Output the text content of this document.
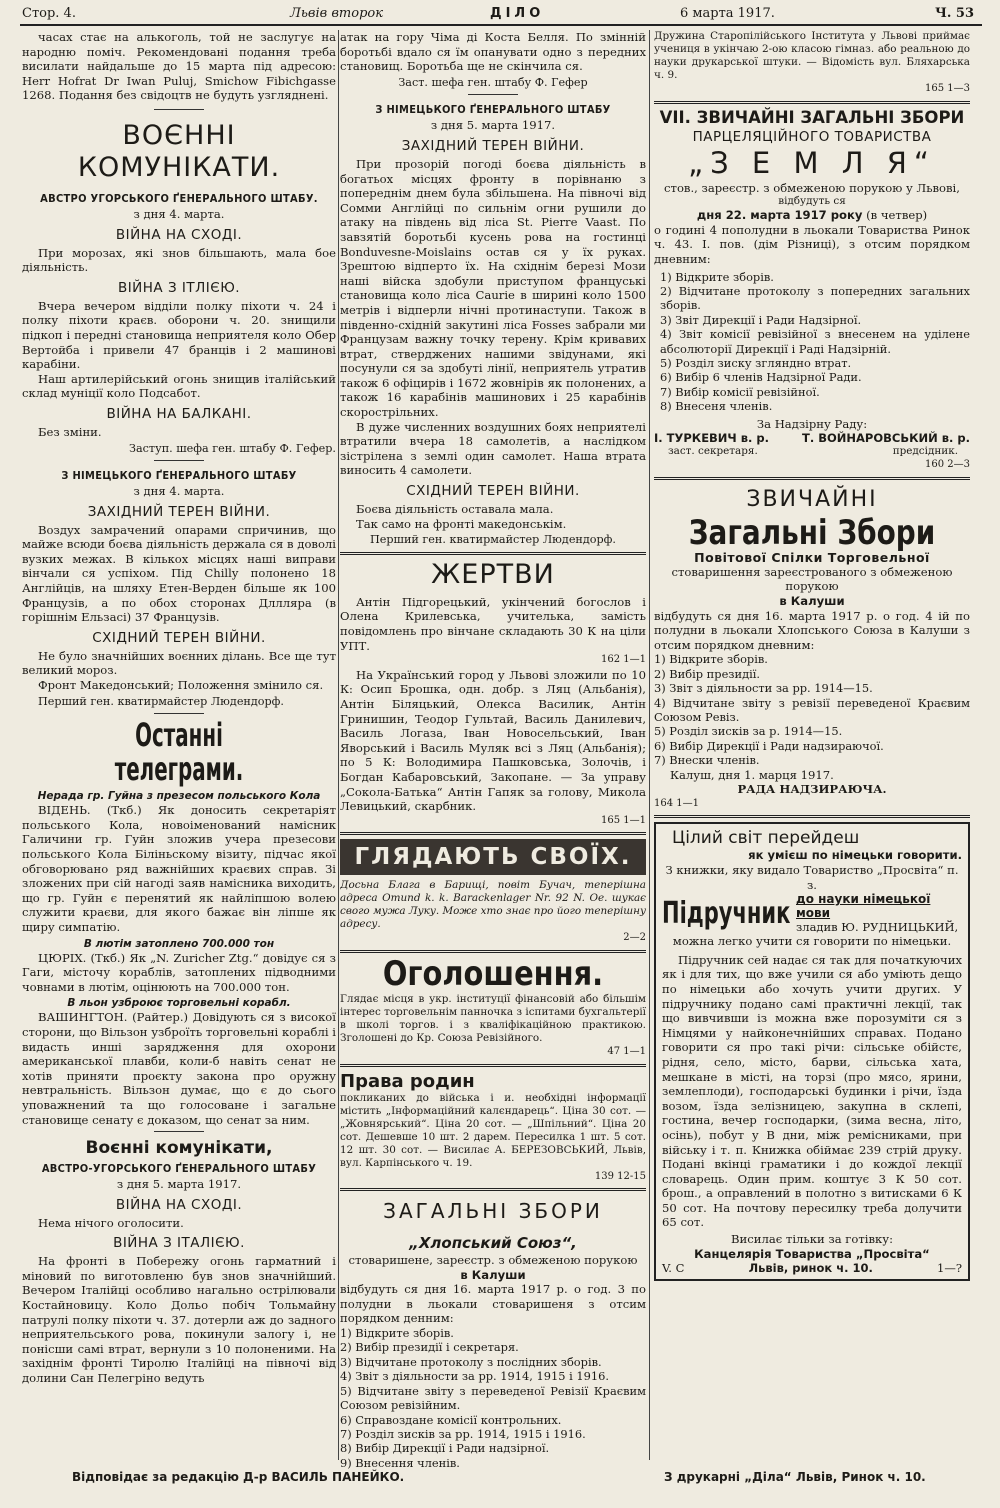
Стор. 4.	Львів второк	ДІЛО	6 марта 1917.	Ч. 53

часах стає на алькоголь, той не заслугує на народню поміч. Рекомендовані подання треба висилати найдальше до 15 марта під адресою: Herr Hofrat Dr Iwan Puluj, Smichow Fibichgasse 1268. Подання без свідоцтв не будуть узгляднені.

ВОЄННІ КОМУНІКАТИ.
АВСТРО УГОРСЬКОГО ҐЕНЕРАЛЬНОГО ШТАБУ.

з дня 4. марта.

ВІЙНА НА СХОДІ.

При морозах, які знов більшають, мала бое діяльність.

ВІЙНА З ІТЛІЄЮ.

Вчера вечером відділи полку піхоти ч. 24 і полку піхоти краєв. оборони ч. 20. знищили підкоп і передні становища неприятеля коло Обер Вертойба і привели 47 бранців і 2 машинові карабіни.

Наш артилерійський огонь знищив італійський склад муніції коло Подсабот.

ВІЙНА НА БАЛКАНІ.

Без зміни.

Заступ. шефа ген. штабу Ф. Гефер.

З НІМЕЦЬКОГО ҐЕНЕРАЛЬНОГО ШТАБУ

з дня 4. марта.

ЗАХІДНИЙ ТЕРЕН ВІЙНИ.

Воздух замрачений опарами спричинив, що майже всюди боєва діяльність держала ся в доволі вузких межах. В кількох місцях наші виправи вінчали ся успіхом. Під Chilly полонено 18 Англійців, на шляху Етен-Верден більше як 100 Французів, а по обох сторонах Дллляра (в горішнім Ельзасі) 37 Французів.

СХІДНИЙ ТЕРЕН ВІЙНИ.

Не було значнійших воєнних ділань. Все ще тут великий мороз.

Фронт Македонський; Положення змінило ся.

Перший ген. кватирмайстер Людендорф.

Останні телеграми.
Нерада гр. Гуйна з презесом польського Кола

ВІДЕНЬ. (Ткб.) Як доносить секретаріят польського Кола, новоіменований намісник Галичини гр. Гуйн зложив учера презесови польського Кола Біліньскому візиту, підчас якої обговорювано ряд важнійших краєвих справ. Зі зложених при сій нагоді заяв намісника виходить, що гр. Гуйн є перенятий як найліпшою волею служити краєви, для якого бажає він ліпше як щиру симпатію.

В лютім затоплено 700.000 тон

ЦЮРІХ. (Ткб.) Як „N. Zuricher Ztg.“ довідує ся з Гаги, місточу кораблів, затоплених підводними човнами в лютім, оцінюють на 700.000 тон.

В льон узброює торговельні корабл.

ВАШИНГТОН. (Райтер.) Довідують ся з високої сторони, що Вільзон узброїть торговельні кораблі і видасть инші зарядження для охорони американської плавби, коли-б навіть сенат не хотів приняти проєкту закона про оружну невтральність. Вільзон думає, що є до сього уповажнений та що голосоване і загальне становище сенату є доказом, що сенат за ним.

Воєнні комунікати,
АВСТРО-УГОРСЬКОГО ҐЕНЕРАЛЬНОГО ШТАБУ

з дня 5. марта 1917.

ВІЙНА НА СХОДІ.

Нема нічого оголосити.

ВІЙНА З ІТАЛІЄЮ.

На фронті в Побережу огонь гарматний і міновий по виготовленю був знов значнійший. Вечером Італійці особливо нагально острілювали Костайновицу. Коло Дольо побіч Тольмайну патрулі полку піхоти ч. 37. дотерли аж до задного неприятельського рова, покинули залогу і, не понісши самі втрат, вернули з 10 полоненими. На західнім фронті Тиролю Італійці на півночі від долини Сан Пелегріно ведуть

атак на гору Чіма ді Коста Белля. По змінній боротьбі вдало ся їм опанувати одно з передних становищ. Боротьба ще не скінчила ся.

Заст. шефа ген. штабу Ф. Гефер

З НІМЕЦЬКОГО ҐЕНЕРАЛЬНОГО ШТАБУ

з дня 5. марта 1917.

ЗАХІДНИЙ ТЕРЕН ВІЙНИ.

При прозорій погоді боєва діяльність в богатьох місцях фронту в порівнаню з попереднім днем була збільшена. На півночі від Сомми Англійці по сильнім огни рушили до атаку на південь від ліса St. Pierre Vaast. По завзятій боротьбі кусень рова на гостинці Bonduvesne-Moislains остав ся у їх руках. Зрештою відперто їх. На східнім березі Мози наші війска здобули приступом француські становища коло ліса Caurie в ширині коло 1500 метрів і відперли нічні протинаступи. Також в південно-східній закутині ліса Fosses забрали ми Французам важну точку терену. Крім кривавих втрат, стверджених нашими звідунами, які посунули ся за здобуті лінії, неприятель утратив також 6 офіцирів і 1672 жовнірів як полонених, а також 16 карабінів машинових і 25 карабінів скорострільних.

В дуже численних воздушних боях неприятелі втратили вчера 18 самолетів, а наслідком зістрілена з землі один самолет. Наша втрата виносить 4 самолети.

СХІДНИЙ ТЕРЕН ВІЙНИ.

Боєва діяльність оставала мала.

Так само на фронті македонськім.

Перший ген. кватирмайстер Людендорф.

ЖЕРТВИ

Антін Підгорецький, укінчений богослов і Олена Крилевська, учителька, замість повідомлень про вінчане складають 30 К на ціли УПТ.

162 1—1

На Український город у Львові зложили по 10 К: Осип Брошка, одн. добр. з Ляц (Альбанія), Антін Біляцький, Олекса Василик, Антін Гринишин, Теодор Гультай, Василь Данилевич, Василь Логаза, Іван Новосельський, Іван Яворський і Василь Муляк всі з Ляц (Альбанія); по 5 К: Володимира Пашковська, Золочів, і Богдан Кабаровський, Закопане. — За управу „Сокола-Батька“ Антін Гапяк за голову, Микола Левицький, скарбник.

165 1—1

ГЛЯДАЮТЬ СВОЇХ.

Досьна Блага в Барищі, повіт Бучач, теперішна адреса Omund k. k. Barackenlager Nr. 92 N. Oe. шукає свого мужа Луку. Може хто знає про його теперішну адресу.

2—2

Оголошення.

Глядає місця в укр. інституції фінансовій або більшім інтерес торговельнім панночка з іспитами бухгальтерії в школі торгов. і з кваліфікаційною практикою. Зголошені до Кр. Союза Ревізійного.

47 1—1

Права родин

покликаних до війська і и. необхідні інформації містить „Інформаційний калєндарець“. Ціна 30 сот. — „Жовнярський“. Ціна 20 сот. — „Шпільний“. Ціна 20 сот. Дешевше 10 шт. 2 дарем. Пересилка 1 шт. 5 сот. 12 шт. 30 сот. — Висилає А. БЕРЕЗОВСЬКИЙ, Львів, вул. Карпінського ч. 19.

139 12-15

ЗАГАЛЬНІ ЗБОРИ
„Хлопський Союз“,

стоваришене, зареєстр. з обмеженою порукою

в Калуши

відбудуть ся дня 16. марта 1917 р. о год. 3 по полудни в льокали стоваришеня з отсим порядком денним:

1) Відкрите зборів.

2) Вибір президії і секретаря.

3) Відчитане протоколу з послідних зборів.

4) Звіт з діяльности за рр. 1914, 1915 і 1916.

5) Відчитане звіту з переведеної Ревізії Краєвим Союзом ревізійним.

6) Справоздане комісії контрольних.

7) Розділ зисків за рр. 1914, 1915 і 1916.

8) Вибір Дирекції і Ради надзірної.

9) Внесення членів.

Дружина Старопілійського Інститута у Львові приймає учениця в укінчаю 2-ою класою гімназ. або реальною до науки друкарської штуки. — Відомість вул. Бляхарська ч. 9.

165 1—3

VII. ЗВИЧАЙНІ ЗАГАЛЬНІ ЗБОРИ
ПАРЦЕЛЯЦІЙНОГО ТОВАРИСТВА
„З Е М Л Я“

стов., зареєстр. з обмеженою порукою у Львові,

відбудуть ся

дня 22. марта 1917 року (в четвер)

о годині 4 пополудни в льокали Товариства Ринок ч. 43. І. пов. (дім Різниці), з отсим порядком дневним:

1) Відкрите зборів.

2) Відчитане протоколу з попередних загальних зборів.

3) Звіт Дирекції і Ради Надзірної.

4) Звіт комісії ревізійної з внесенем на уділене абсолюторії Дирекції і Раді Надзірній.

5) Розділ зиску згляндно втрат.

6) Вибір 6 членів Надзірної Ради.

7) Вибір комісії ревізійної.

8) Внесеня членів.

За Надзірну Раду:

І. ТУРКЕВИЧ в. р.	Т. ВОЙНАРОВСЬКИЙ в. р.
заст. секретаря.	предсідник.

160 2—3

ЗВИЧАЙНІ
Загальні Збори
Повітової Спілки Торговельної

стоваришення зареєстрованого з обмеженою порукою

в Калуши

відбудуть ся дня 16. марта 1917 р. о год. 4 ій по полудни в льокали Хлопського Союза в Калуши з отсим порядком дневним:

1) Відкрите зборів.

2) Вибір президії.

3) Звіт з діяльности за рр. 1914—15.

4) Відчитане звіту з ревізії переведеної Краєвим Союзом Ревіз.

5) Розділ зисків за р. 1914—15.

6) Вибір Дирекції і Ради надзираючої.

7) Внески членів.

Калуш, дня 1. марця 1917.

РАДА НАДЗИРАЮЧА.

164 1—1

Цілий світ перейдеш

як умієш по німецьки говорити.

З книжки, яку видало Товариство „Просвіта“ п. з.

Підручник до науки німецької мови
зладив Ю. РУДНИЦЬКИЙ,

можна легко учити ся говорити по німецьки.

Підручник сей надає ся так для початкуючих як і для тих, що вже учили ся або уміють дещо по німецьки або хочуть учити других. У підручнику подано самі практичні лекції, так що вивчивши із можна вже порозуміти ся з Німцями у найконечнійших справах. Подано говорити ся про такі річи: сільське обійстє, рідня, село, місто, барви, сільська хата, мешкане в місті, на торзі (про мясо, ярини, землеплоди), господарські будинки і річи, їзда возом, їзда зелізницею, закупна в склепі, гостина, вечер господарки, (зима весна, літо, осінь), побут у В дни, між ремісниками, при війську і т. п. Книжка обіймає 239 стрій друку. Подані вкінці граматики і до кождої лекції словарець. Один прим. коштує 3 К 50 сот. брош., а оправлений в полотно з витисками 6 К 50 сот. На почтову пересилку треба долучити 65 сот.

Висилає тільки за готівку:

Канцелярія Товариства „Просвіта“

V. C	Львів, ринок ч. 10.	1—?
Відповідає за редакцію Д-р ВАСИЛЬ ПАНЕЙКО.	З друкарні „Діла“ Львів, Ринок ч. 10.
